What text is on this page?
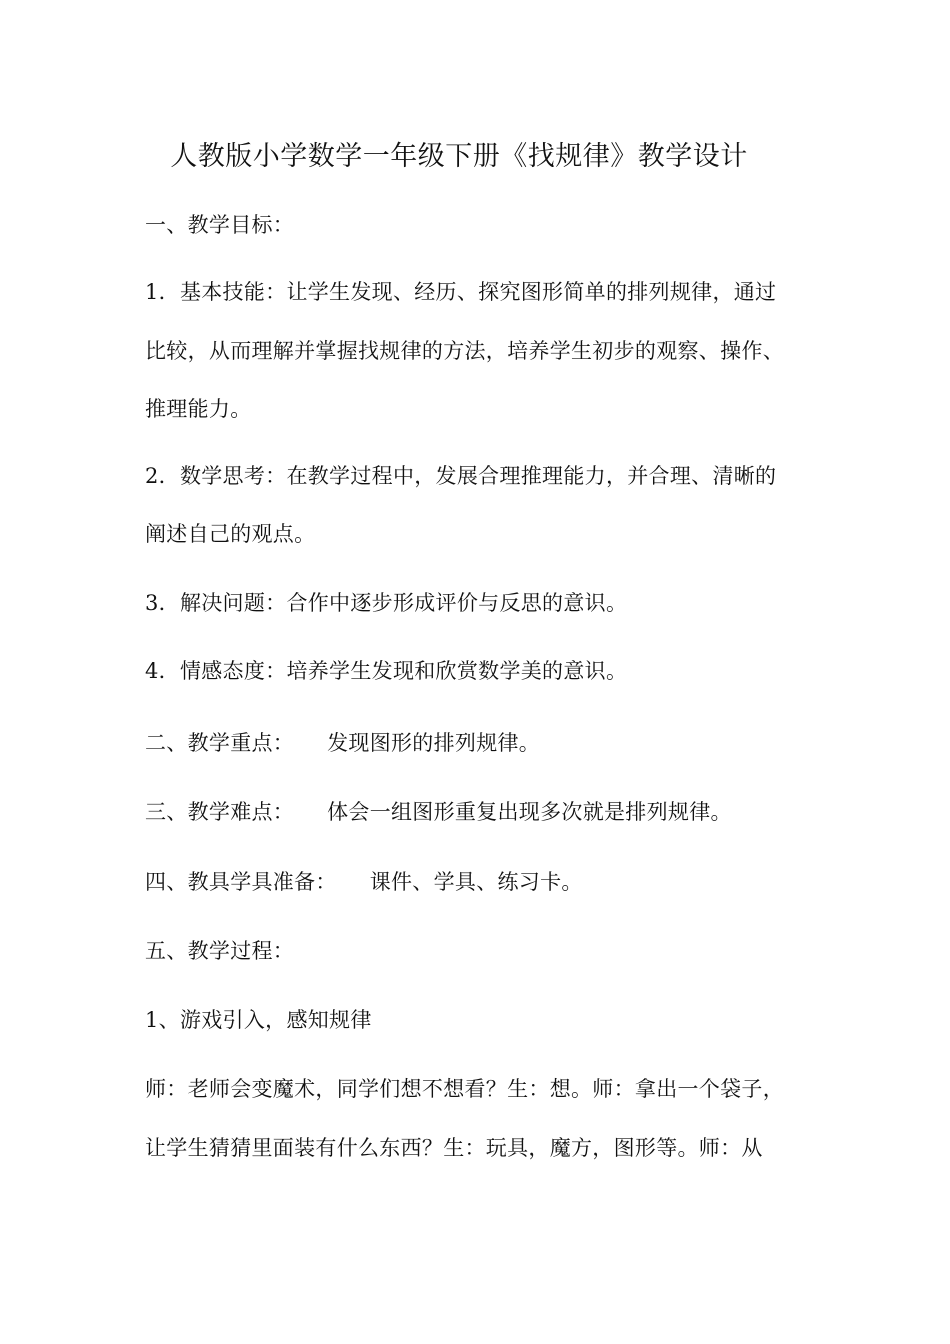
人教版小学数学一年级下册《找规律》教学设计
一、教学目标：
1．基本技能：让学生发现、经历、探究图形简单的排列规律，通过
比较，从而理解并掌握找规律的方法，培养学生初步的观察、操作、
推理能力。
2．数学思考：在教学过程中，发展合理推理能力，并合理、清晰的
阐述自己的观点。
3．解决问题：合作中逐步形成评价与反思的意识。
4．情感态度：培养学生发现和欣赏数学美的意识。
二、教学重点： 发现图形的排列规律。
三、教学难点： 体会一组图形重复出现多次就是排列规律。
四、教具学具准备： 课件、学具、练习卡。
五、教学过程：
1、游戏引入，感知规律
师：老师会变魔术，同学们想不想看？生：想。师：拿出一个袋子，
让学生猜猜里面装有什么东西？生：玩具，魔方，图形等。师：从
